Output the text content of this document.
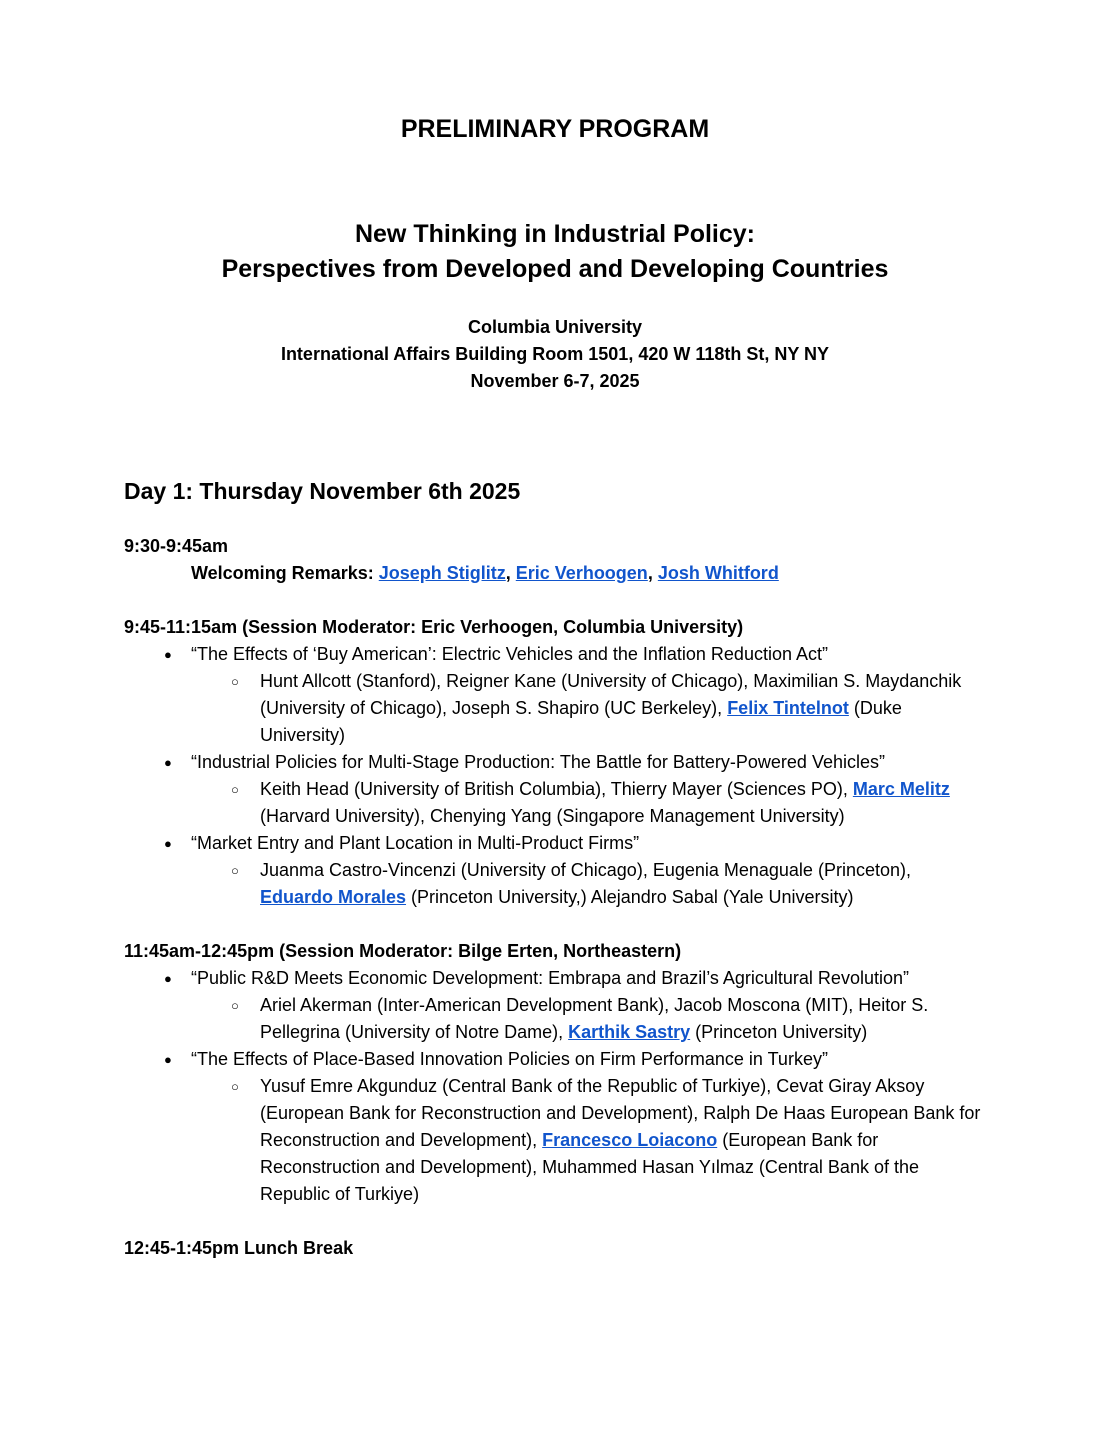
PRELIMINARY PROGRAM
New Thinking in Industrial Policy:
Perspectives from Developed and Developing Countries
Columbia University
International Affairs Building Room 1501, 420 W 118th St, NY NY
November 6-7, 2025
Day 1: Thursday November 6th 2025
9:30-9:45am
Welcoming Remarks: Joseph Stiglitz, Eric Verhoogen, Josh Whitford
9:45-11:15am (Session Moderator: Eric Verhoogen, Columbia University)
● “The Effects of ‘Buy American’: Electric Vehicles and the Inflation Reduction Act”
○ Hunt Allcott (Stanford), Reigner Kane (University of Chicago), Maximilian S. Maydanchik (University of Chicago), Joseph S. Shapiro (UC Berkeley), Felix Tintelnot (Duke University)
● “Industrial Policies for Multi-Stage Production: The Battle for Battery-Powered Vehicles”
○ Keith Head (University of British Columbia), Thierry Mayer (Sciences PO), Marc Melitz (Harvard University), Chenying Yang (Singapore Management University)
● “Market Entry and Plant Location in Multi-Product Firms”
○ Juanma Castro-Vincenzi (University of Chicago), Eugenia Menaguale (Princeton), Eduardo Morales (Princeton University,) Alejandro Sabal (Yale University)
11:45am-12:45pm (Session Moderator: Bilge Erten, Northeastern)
● “Public R&D Meets Economic Development: Embrapa and Brazil’s Agricultural Revolution”
○ Ariel Akerman (Inter-American Development Bank), Jacob Moscona (MIT), Heitor S. Pellegrina (University of Notre Dame), Karthik Sastry (Princeton University)
● “The Effects of Place-Based Innovation Policies on Firm Performance in Turkey”
○ Yusuf Emre Akgunduz (Central Bank of the Republic of Turkiye), Cevat Giray Aksoy (European Bank for Reconstruction and Development), Ralph De Haas European Bank for Reconstruction and Development), Francesco Loiacono (European Bank for Reconstruction and Development), Muhammed Hasan Yılmaz (Central Bank of the Republic of Turkiye)
12:45-1:45pm Lunch Break
